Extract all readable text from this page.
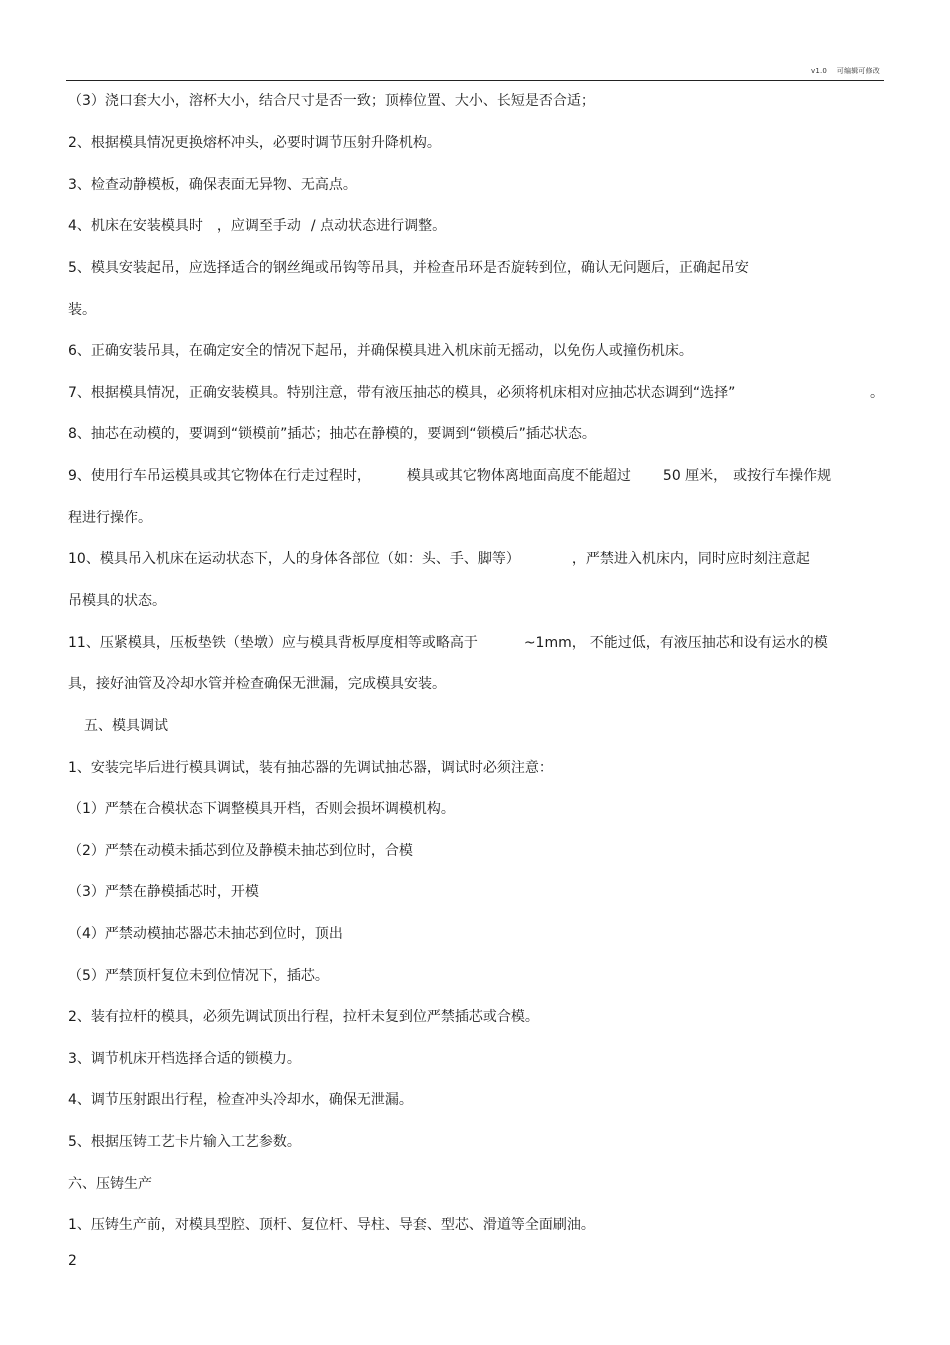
v1.0 可编辑可修改
（3）浇口套大小，溶杯大小，结合尺寸是否一致；顶棒位置、大小、长短是否合适；
2、根据模具情况更换熔杯冲头，必要时调节压射升降机构。
3、检查动静模板，确保表面无异物、无高点。
4、机床在安装模具时 ，应调至手动 / 点动状态进行调整。
5、模具安装起吊，应选择适合的钢丝绳或吊钩等吊具，并检查吊环是否旋转到位，确认无问题后，正确起吊安
装。
6、正确安装吊具，在确定安全的情况下起吊，并确保模具进入机床前无摇动，以免伤人或撞伤机床。
7、根据模具情况，正确安装模具。特别注意，带有液压抽芯的模具，必须将机床相对应抽芯状态调到“选择”	。
8、抽芯在动模的，要调到“锁模前”插芯；抽芯在静模的，要调到“锁模后”插芯状态。
9、使用行车吊运模具或其它物体在行走过程时，	模具或其它物体离地面高度不能超过 50 厘米， 或按行车操作规
程进行操作。
10、模具吊入机床在运动状态下，人的身体各部位（如：头、手、脚等）	，严禁进入机床内，同时应时刻注意起
吊模具的状态。
11、压紧模具，压板垫铁（垫墩）应与模具背板厚度相等或略高于	~1mm， 不能过低，有液压抽芯和设有运水的模
具，接好油管及冷却水管并检查确保无泄漏，完成模具安装。
五、模具调试
1、安装完毕后进行模具调试，装有抽芯器的先调试抽芯器，调试时必须注意：
（1）严禁在合模状态下调整模具开档，否则会损坏调模机构。
（2）严禁在动模未插芯到位及静模未抽芯到位时，合模
（3）严禁在静模插芯时，开模
（4）严禁动模抽芯器芯未抽芯到位时，顶出
（5）严禁顶杆复位未到位情况下，插芯。
2、装有拉杆的模具，必须先调试顶出行程，拉杆未复到位严禁插芯或合模。
3、调节机床开档选择合适的锁模力。
4、调节压射跟出行程，检查冲头冷却水，确保无泄漏。
5、根据压铸工艺卡片输入工艺参数。
六、压铸生产
1、压铸生产前，对模具型腔、顶杆、复位杆、导柱、导套、型芯、滑道等全面刷油。
2
